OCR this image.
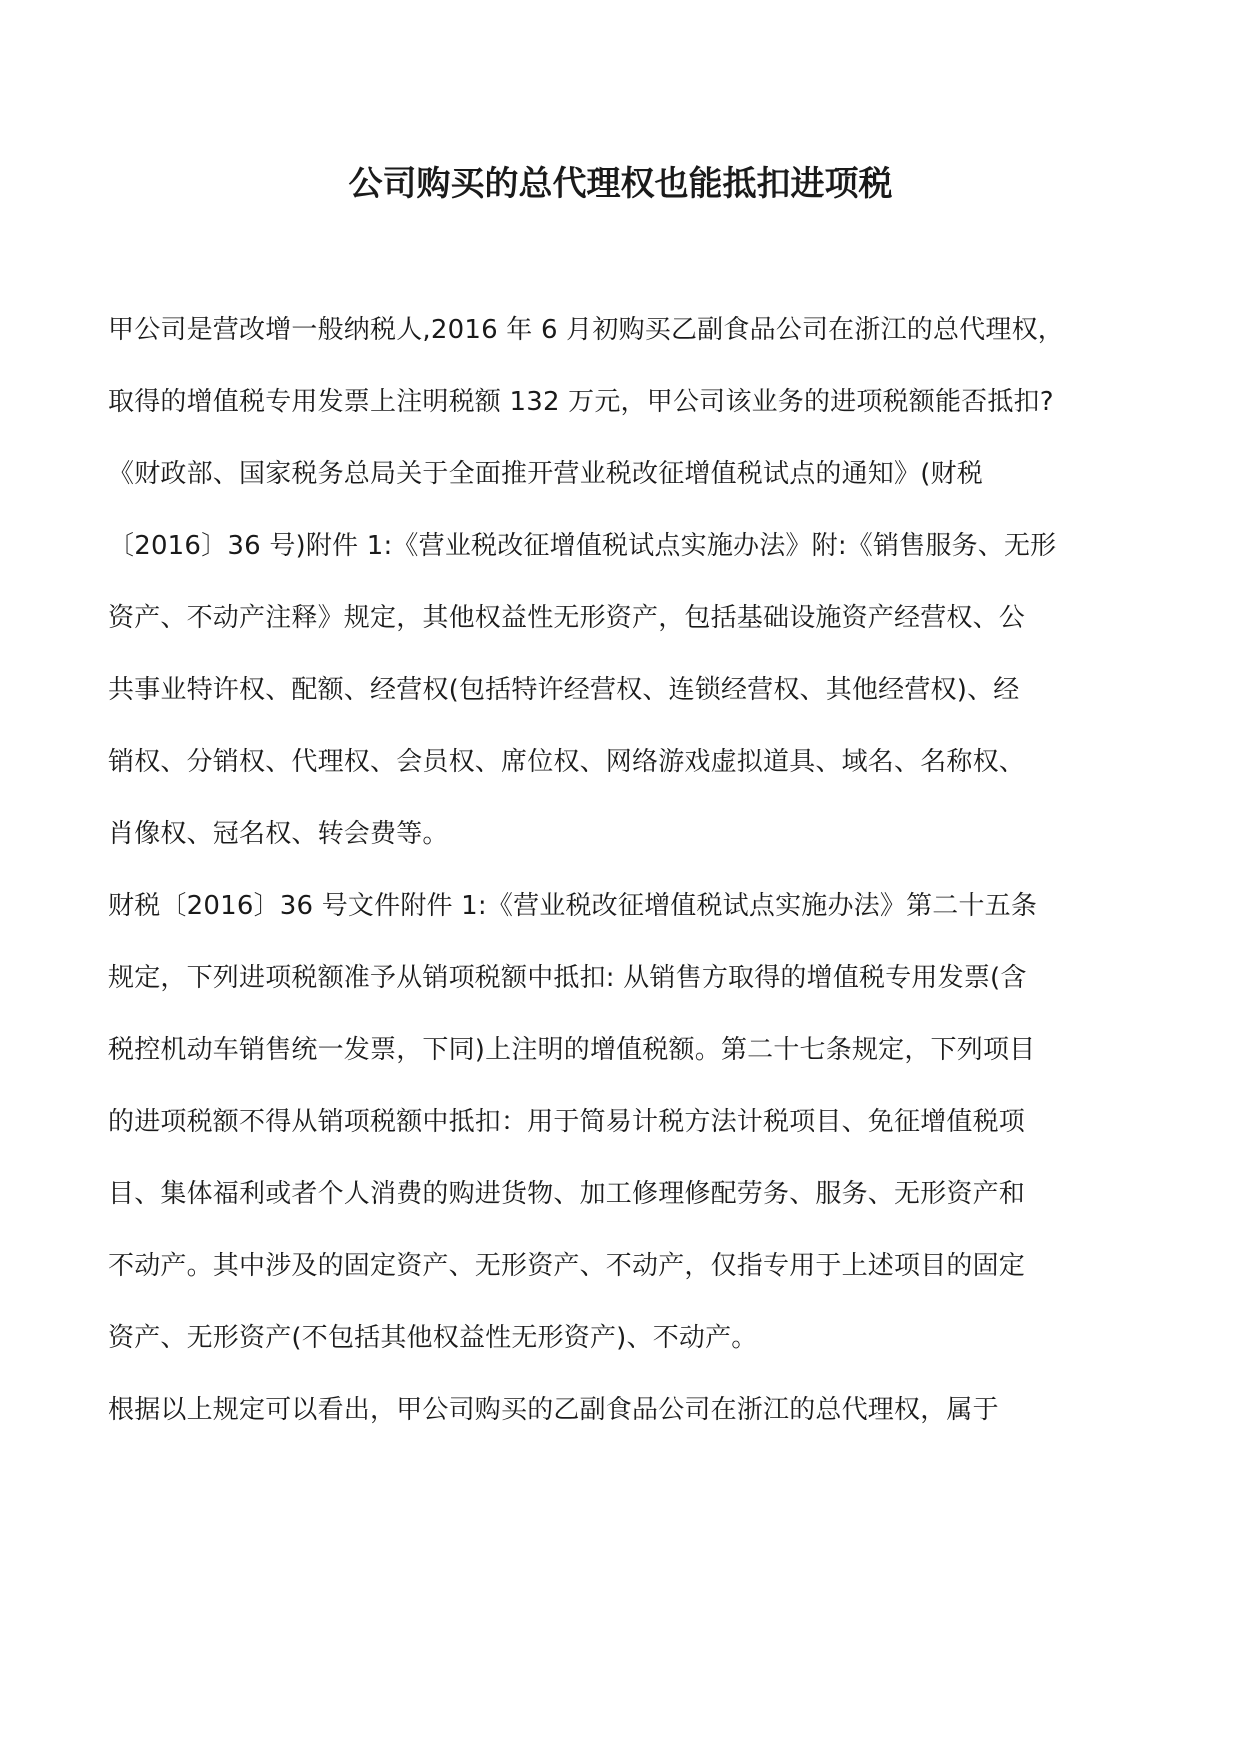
公司购买的总代理权也能抵扣进项税
甲公司是营改增一般纳税人,2016 年 6 月初购买乙副食品公司在浙江的总代理权，
取得的增值税专用发票上注明税额 132 万元，甲公司该业务的进项税额能否抵扣?
《财政部、国家税务总局关于全面推开营业税改征增值税试点的通知》(财税
〔2016〕36 号)附件 1:《营业税改征增值税试点实施办法》附:《销售服务、无形
资产、不动产注释》规定，其他权益性无形资产，包括基础设施资产经营权、公
共事业特许权、配额、经营权(包括特许经营权、连锁经营权、其他经营权)、经
销权、分销权、代理权、会员权、席位权、网络游戏虚拟道具、域名、名称权、
肖像权、冠名权、转会费等。
财税〔2016〕36 号文件附件 1:《营业税改征增值税试点实施办法》第二十五条
规定，下列进项税额准予从销项税额中抵扣: 从销售方取得的增值税专用发票(含
税控机动车销售统一发票，下同)上注明的增值税额。第二十七条规定，下列项目
的进项税额不得从销项税额中抵扣：用于简易计税方法计税项目、免征增值税项
目、集体福利或者个人消费的购进货物、加工修理修配劳务、服务、无形资产和
不动产。其中涉及的固定资产、无形资产、不动产，仅指专用于上述项目的固定
资产、无形资产(不包括其他权益性无形资产)、不动产。
根据以上规定可以看出，甲公司购买的乙副食品公司在浙江的总代理权，属于
